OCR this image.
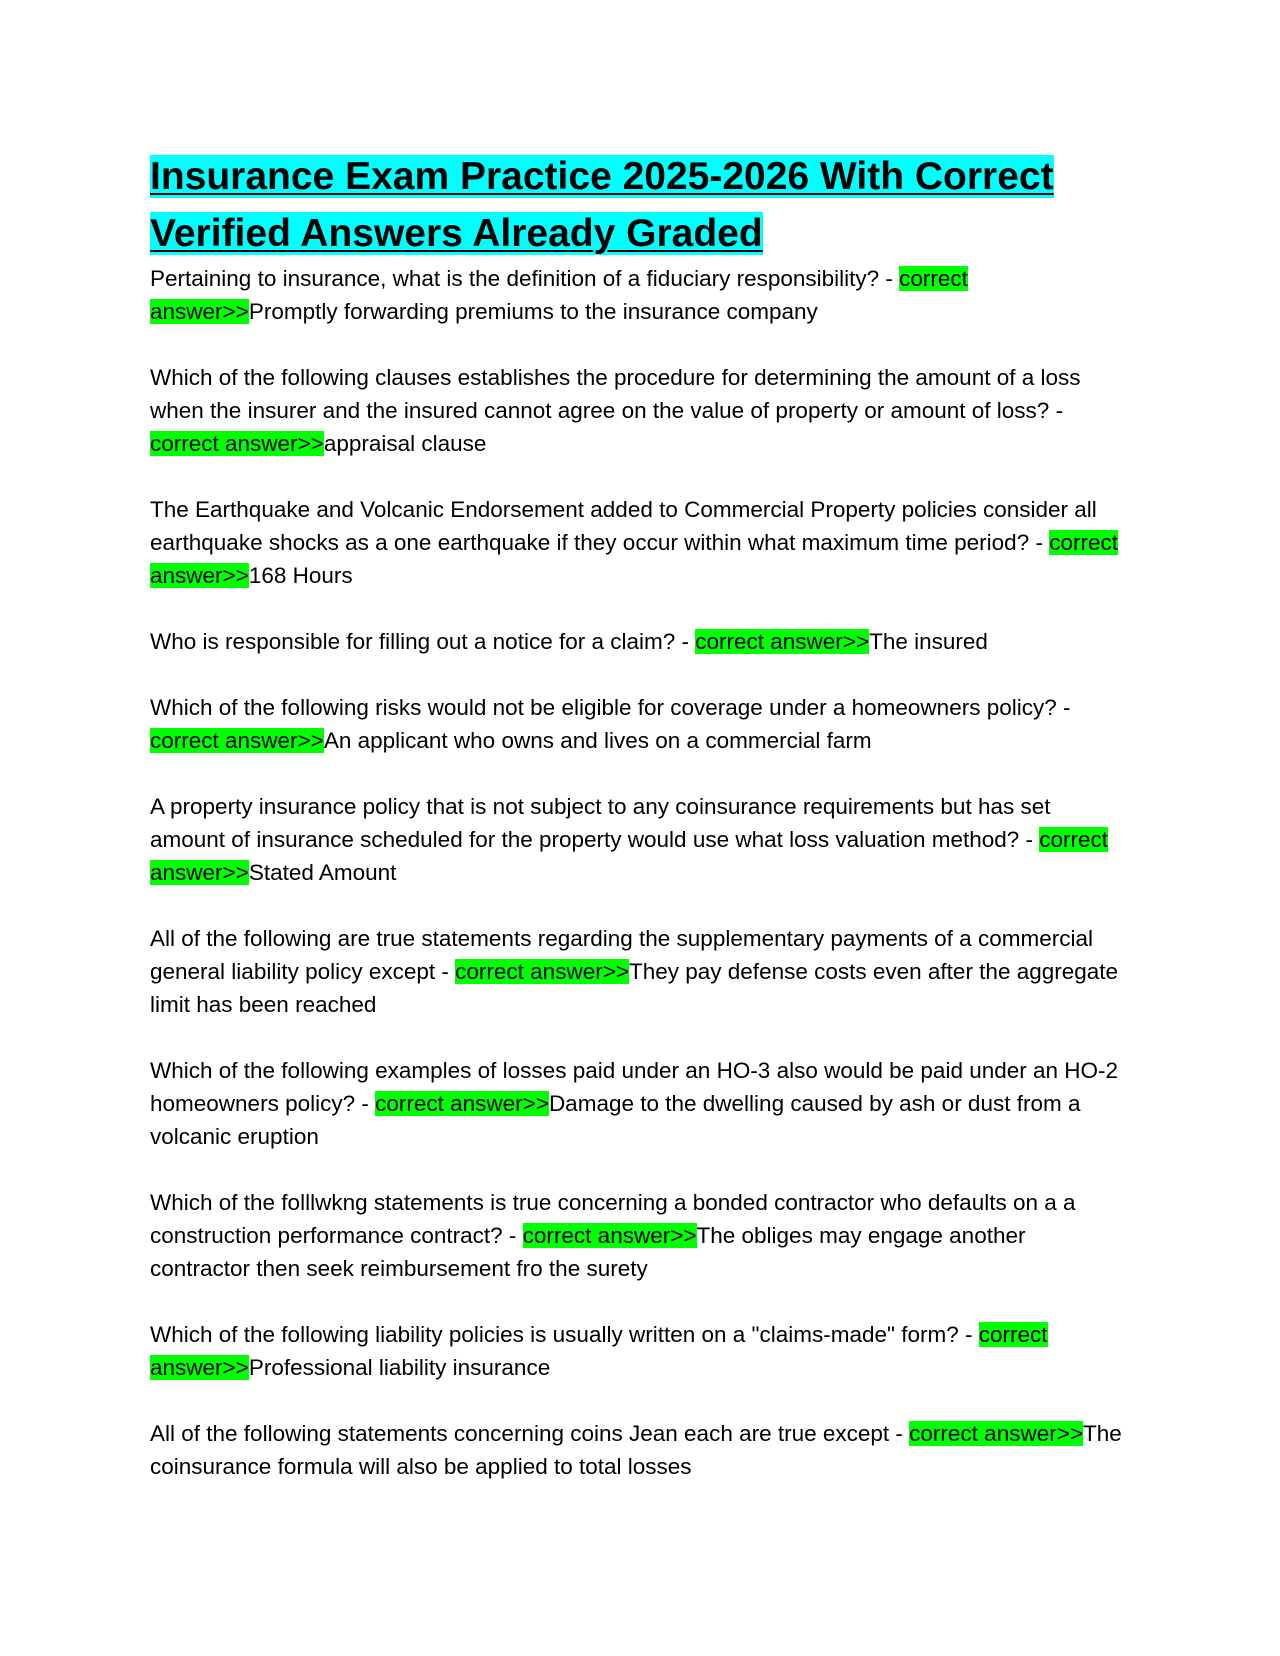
Insurance Exam Practice 2025-2026 With Correct Verified Answers Already Graded

Pertaining to insurance, what is the definition of a fiduciary responsibility? - correct answer>>Promptly forwarding premiums to the insurance company

Which of the following clauses establishes the procedure for determining the amount of a loss when the insurer and the insured cannot agree on the value of property or amount of loss? - correct answer>>appraisal clause

The Earthquake and Volcanic Endorsement added to Commercial Property policies consider all earthquake shocks as a one earthquake if they occur within what maximum time period? - correct answer>>168 Hours

Who is responsible for filling out a notice for a claim? - correct answer>>The insured

Which of the following risks would not be eligible for coverage under a homeowners policy? - correct answer>>An applicant who owns and lives on a commercial farm

A property insurance policy that is not subject to any coinsurance requirements but has set amount of insurance scheduled for the property would use what loss valuation method? - correct answer>>Stated Amount

All of the following are true statements regarding the supplementary payments of a commercial general liability policy except - correct answer>>They pay defense costs even after the aggregate limit has been reached

Which of the following examples of losses paid under an HO-3 also would be paid under an HO-2 homeowners policy? - correct answer>>Damage to the dwelling caused by ash or dust from a volcanic eruption

Which of the folllwkng statements is true concerning a bonded contractor who defaults on a a construction performance contract? - correct answer>>The obliges may engage another contractor then seek reimbursement fro the surety

Which of the following liability policies is usually written on a "claims-made" form? - correct answer>>Professional liability insurance

All of the following statements concerning coins Jean each are true except - correct answer>>The coinsurance formula will also be applied to total losses
